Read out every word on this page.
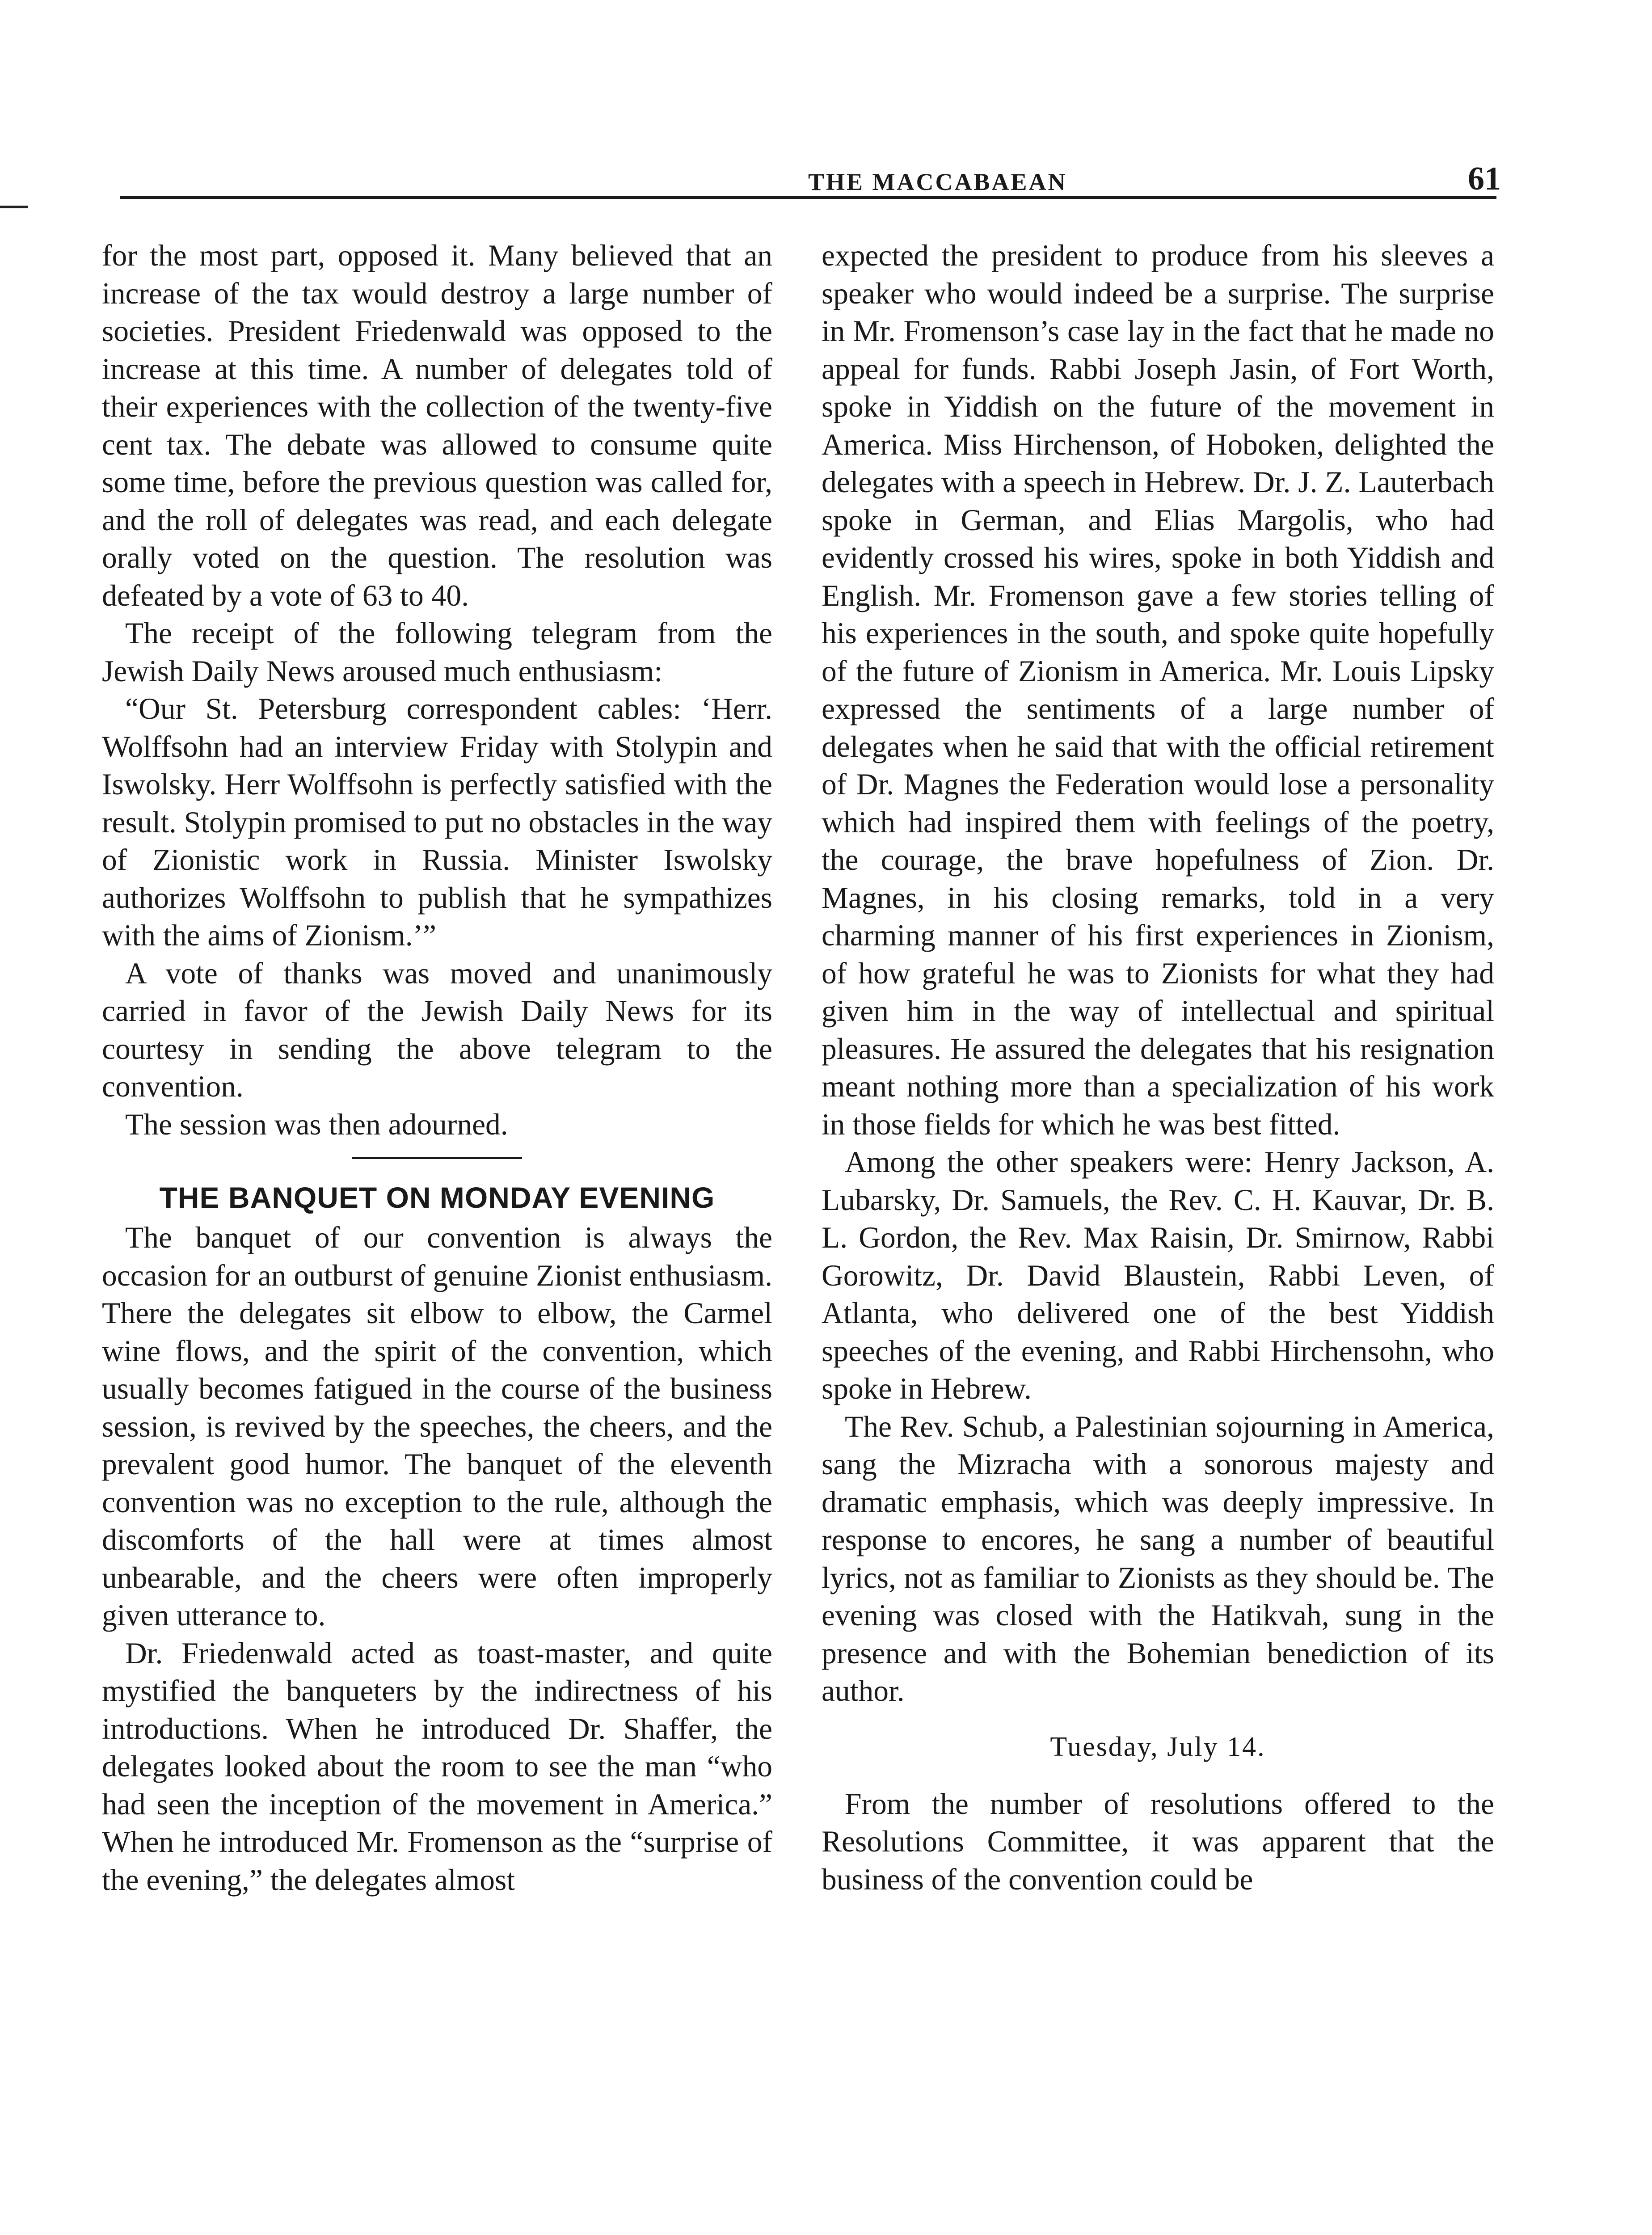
THE MACCABAEAN	61

for the most part, opposed it. Many believed that an increase of the tax would destroy a large number of societies. President Friedenwald was opposed to the increase at this time. A number of delegates told of their experiences with the collection of the twenty-five cent tax. The debate was allowed to consume quite some time, before the previous question was called for, and the roll of delegates was read, and each delegate orally voted on the question. The resolution was defeated by a vote of 63 to 40.

The receipt of the following telegram from the Jewish Daily News aroused much enthusiasm:

“Our St. Petersburg correspondent cables: ‘Herr. Wolffsohn had an interview Friday with Stolypin and Iswolsky. Herr Wolffsohn is perfectly satisfied with the result. Stolypin promised to put no obstacles in the way of Zionistic work in Russia. Minister Iswolsky authorizes Wolffsohn to publish that he sympathizes with the aims of Zionism.’”

A vote of thanks was moved and unanimously carried in favor of the Jewish Daily News for its courtesy in sending the above telegram to the convention.

The session was then adourned.

THE BANQUET ON MONDAY EVENING

The banquet of our convention is always the occasion for an outburst of genuine Zionist enthusiasm. There the delegates sit elbow to elbow, the Carmel wine flows, and the spirit of the convention, which usually becomes fatigued in the course of the business session, is revived by the speeches, the cheers, and the prevalent good humor. The banquet of the eleventh convention was no exception to the rule, although the discomforts of the hall were at times almost unbearable, and the cheers were often improperly given utterance to.

Dr. Friedenwald acted as toast-master, and quite mystified the banqueters by the indirectness of his introductions. When he introduced Dr. Shaffer, the delegates looked about the room to see the man “who had seen the inception of the movement in America.” When he introduced Mr. Fromenson as the “surprise of the evening,” the delegates almost

expected the president to produce from his sleeves a speaker who would indeed be a surprise. The surprise in Mr. Fromenson’s case lay in the fact that he made no appeal for funds. Rabbi Joseph Jasin, of Fort Worth, spoke in Yiddish on the future of the movement in America. Miss Hirchenson, of Hoboken, delighted the delegates with a speech in Hebrew. Dr. J. Z. Lauterbach spoke in German, and Elias Margolis, who had evidently crossed his wires, spoke in both Yiddish and English. Mr. Fromenson gave a few stories telling of his experiences in the south, and spoke quite hopefully of the future of Zionism in America. Mr. Louis Lipsky expressed the sentiments of a large number of delegates when he said that with the official retirement of Dr. Magnes the Federation would lose a personality which had inspired them with feelings of the poetry, the courage, the brave hopefulness of Zion. Dr. Magnes, in his closing remarks, told in a very charming manner of his first experiences in Zionism, of how grateful he was to Zionists for what they had given him in the way of intellectual and spiritual pleasures. He assured the delegates that his resignation meant nothing more than a specialization of his work in those fields for which he was best fitted.

Among the other speakers were: Henry Jackson, A. Lubarsky, Dr. Samuels, the Rev. C. H. Kauvar, Dr. B. L. Gordon, the Rev. Max Raisin, Dr. Smirnow, Rabbi Gorowitz, Dr. David Blaustein, Rabbi Leven, of Atlanta, who delivered one of the best Yiddish speeches of the evening, and Rabbi Hirchensohn, who spoke in Hebrew.

The Rev. Schub, a Palestinian sojourning in America, sang the Mizracha with a sonorous majesty and dramatic emphasis, which was deeply impressive. In response to encores, he sang a number of beautiful lyrics, not as familiar to Zionists as they should be. The evening was closed with the Hatikvah, sung in the presence and with the Bohemian benediction of its author.

Tuesday, July 14.

From the number of resolutions offered to the Resolutions Committee, it was apparent that the business of the convention could be
